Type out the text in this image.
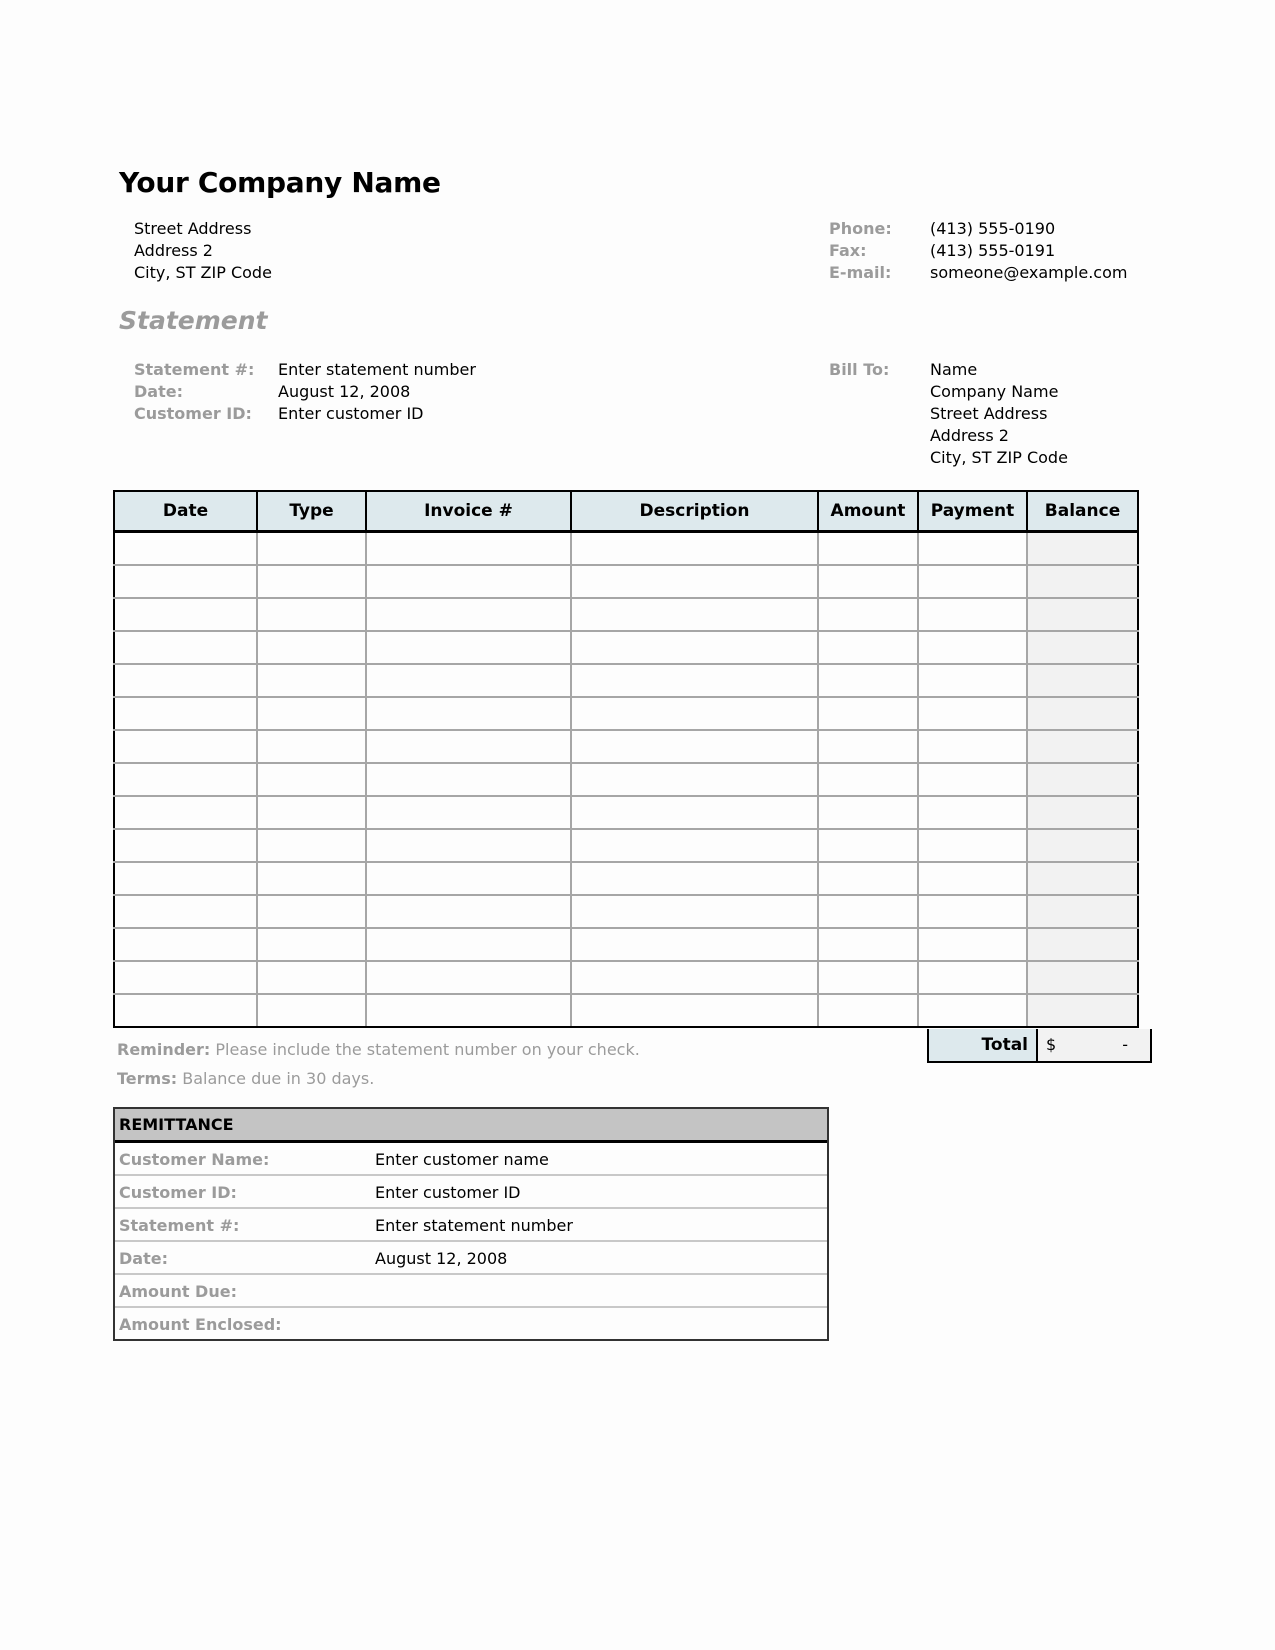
Your Company Name
Street Address
Address 2
City, ST ZIP Code
Phone:	(413) 555-0190
Fax:	(413) 555-0191
E-mail:	someone@example.com
Statement
Statement #:	Enter statement number
Date:	August 12, 2008
Customer ID:	Enter customer ID
Bill To:	Name
Company Name
Street Address
Address 2
City, ST ZIP Code
Date	Type	Invoice #	Description	Amount	Payment	Balance

Total	$	-
Reminder: Please include the statement number on your check.
Terms: Balance due in 30 days.
REMITTANCE
Customer Name:	Enter customer name
Customer ID:	Enter customer ID
Statement #:	Enter statement number
Date:	August 12, 2008
Amount Due:
Amount Enclosed:
